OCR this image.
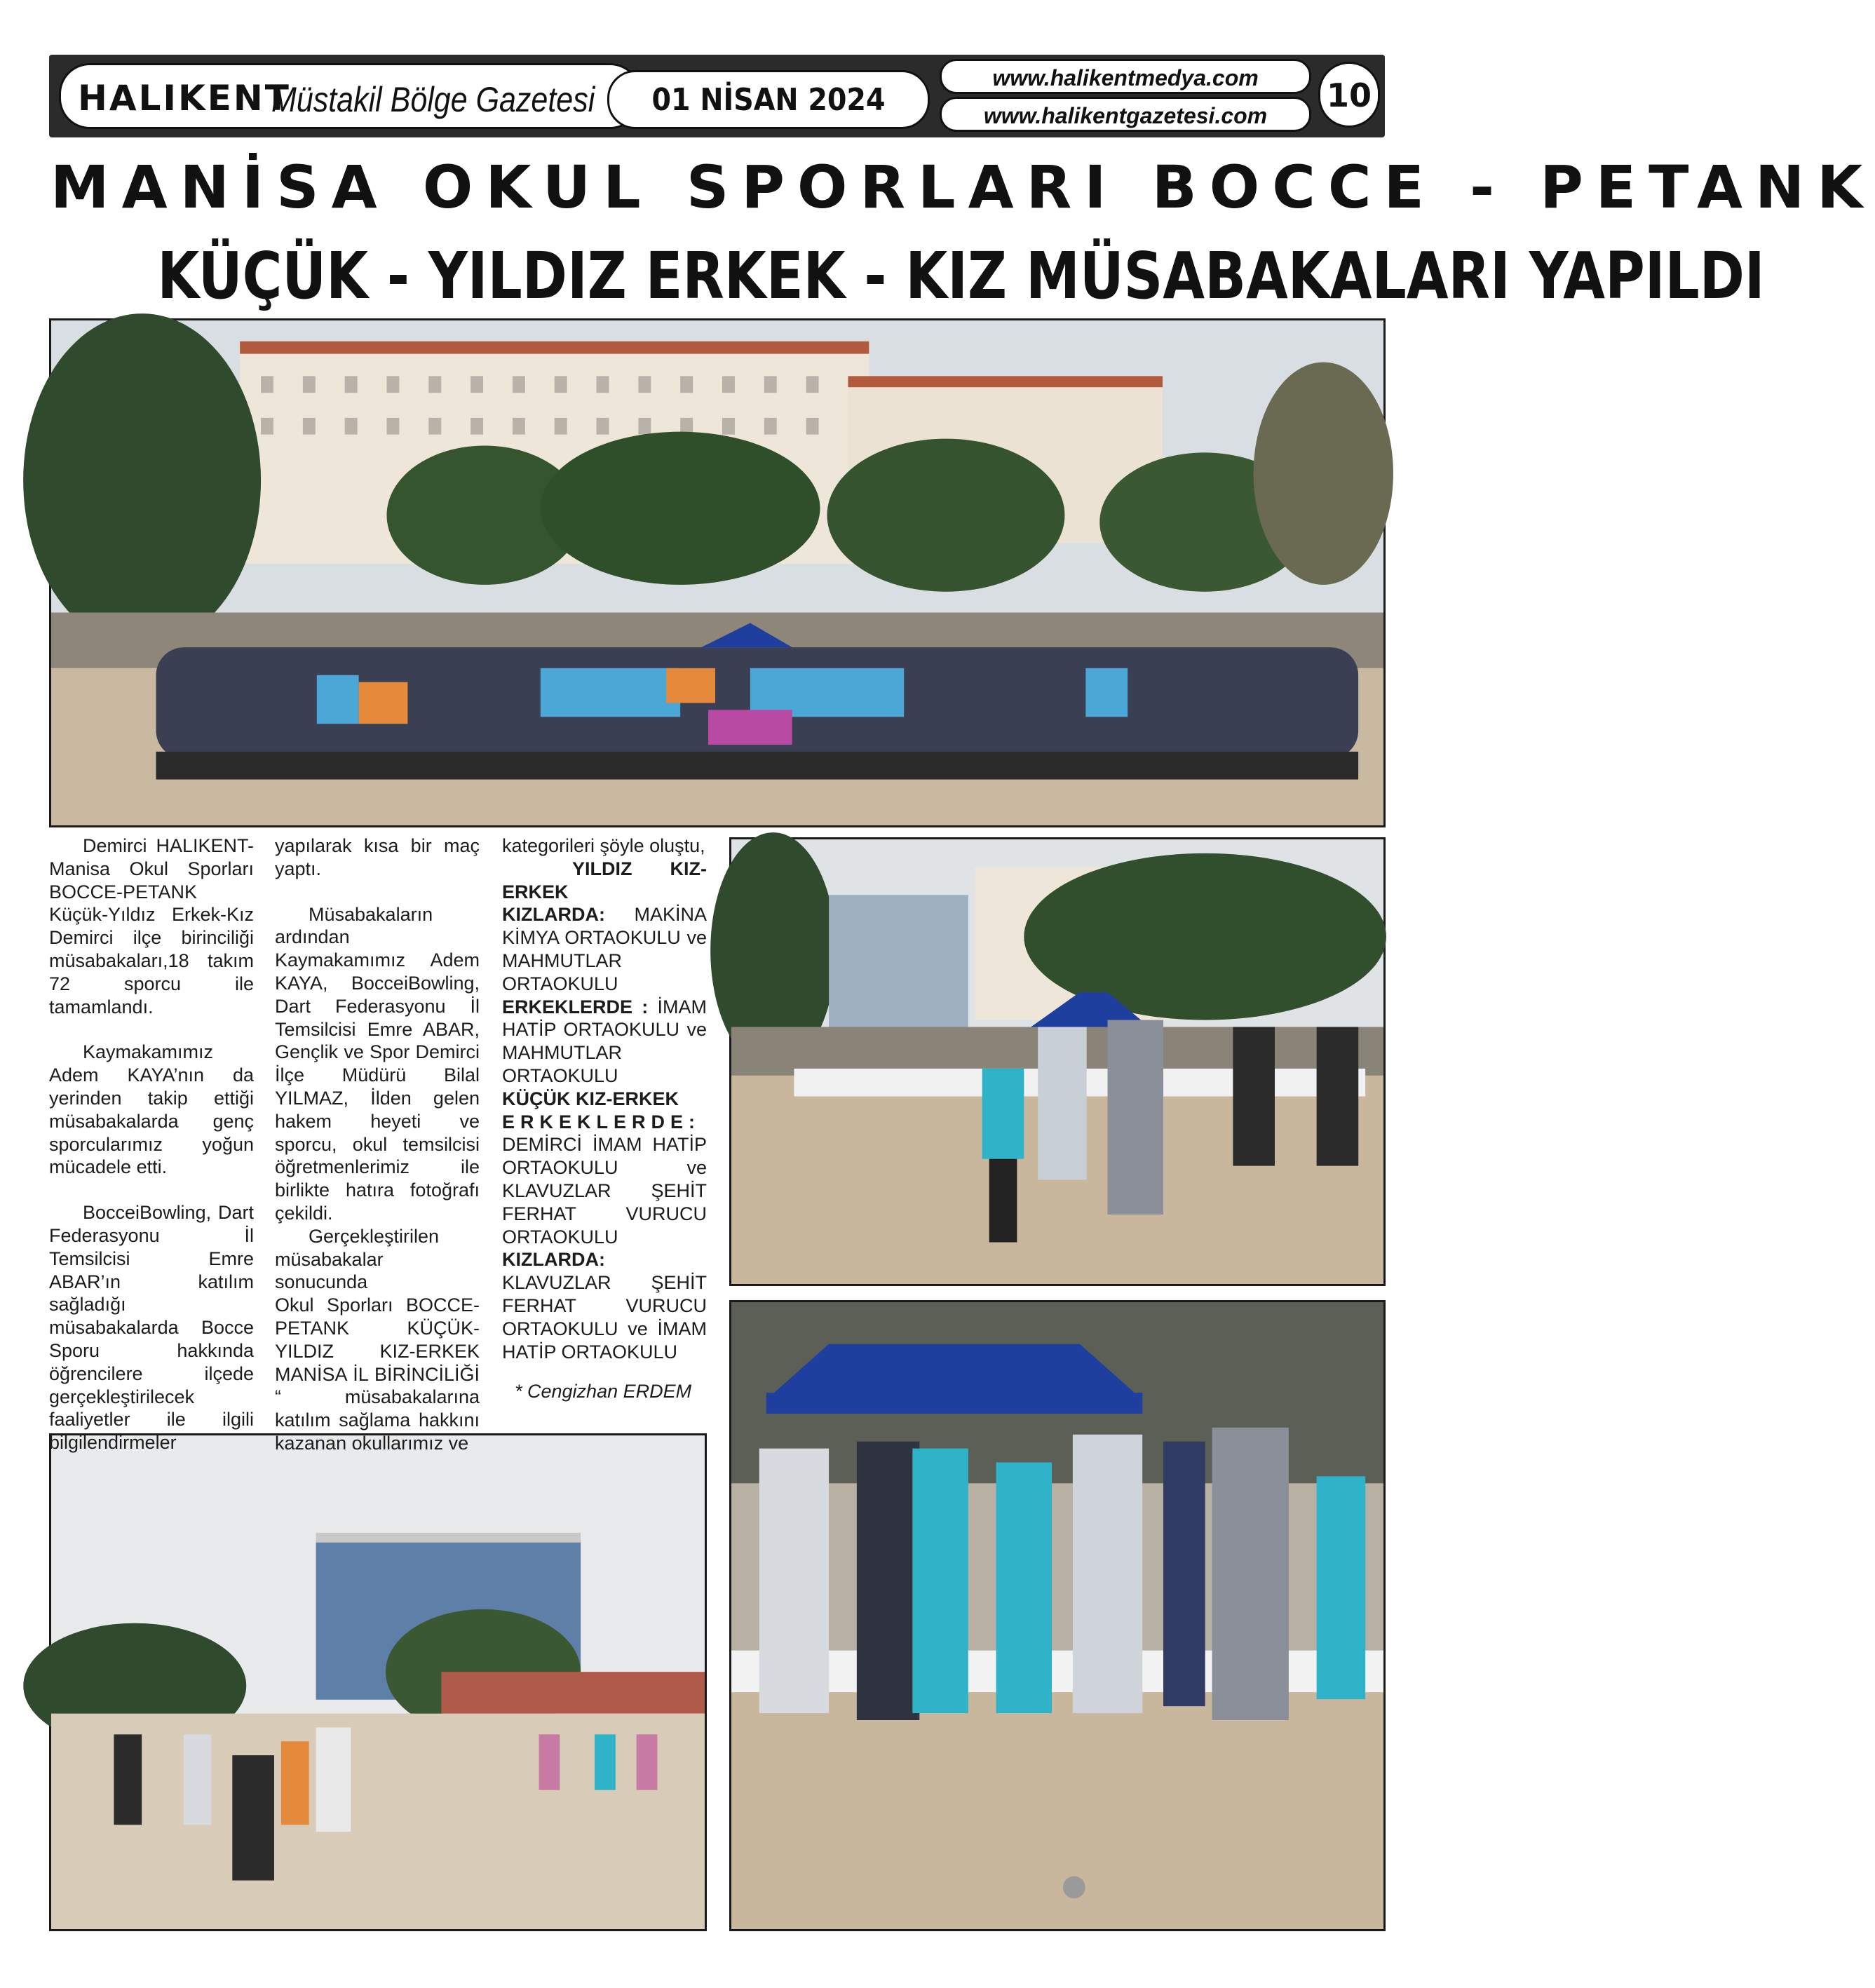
HALIKENT
Müstakil Bölge Gazetesi	01 NİSAN 2024
www.halikentmedya.com
www.halikentgazetesi.com
10
MANİSA OKUL SPORLARI BOCCE - PETANK
KÜÇÜK - YILDIZ ERKEK - KIZ MÜSABAKALARI YAPILDI

Demirci HALIKENT- Manisa Okul Sporları BOCCE-PETANK Küçük-Yıldız Erkek-Kız Demirci ilçe birinciliği müsabakaları,18 takım 72 sporcu ile tamamlandı.

Kaymakamımız Adem KAYA’nın da yerinden takip ettiği müsabakalarda genç sporcularımız yoğun mücadele etti.

BocceiBowling, Dart Federasyonu İl Temsilcisi Emre ABAR’ın katılım sağladığı müsabakalarda Bocce Sporu hakkında öğrencilere ilçede gerçekleştirilecek faaliyetler ile ilgili bilgilendirmeler

yapılarak kısa bir maç yaptı.

Müsabakaların ardından Kaymakamımız Adem KAYA, BocceiBowling, Dart Federasyonu İl Temsilcisi Emre ABAR, Gençlik ve Spor Demirci İlçe Müdürü Bilal YILMAZ, İlden gelen hakem heyeti ve sporcu, okul temsilcisi öğretmenlerimiz ile birlikte hatıra fotoğrafı çekildi.

Gerçekleştirilen müsabakalar sonucunda

Okul Sporları BOCCE-PETANK KÜÇÜK-YILDIZ KIZ-ERKEK MANİSA İL BİRİNCİLİĞİ “ müsabakalarına katılım sağlama hakkını kazanan okullarımız ve

kategorileri şöyle oluştu,

YILDIZ KIZ-ERKEK

KIZLARDA: MAKİNA KİMYA ORTAOKULU ve MAHMUTLAR ORTAOKULU

ERKEKLERDE : İMAM HATİP ORTAOKULU ve MAHMUTLAR ORTAOKULU

KÜÇÜK KIZ-ERKEK

ERKEKLERDE: DEMİRCİ İMAM HATİP ORTAOKULU ve KLAVUZLAR ŞEHİT FERHAT VURUCU ORTAOKULU

KIZLARDA: KLAVUZLAR ŞEHİT FERHAT VURUCU ORTAOKULU ve İMAM HATİP ORTAOKULU

* Cengizhan ERDEM
